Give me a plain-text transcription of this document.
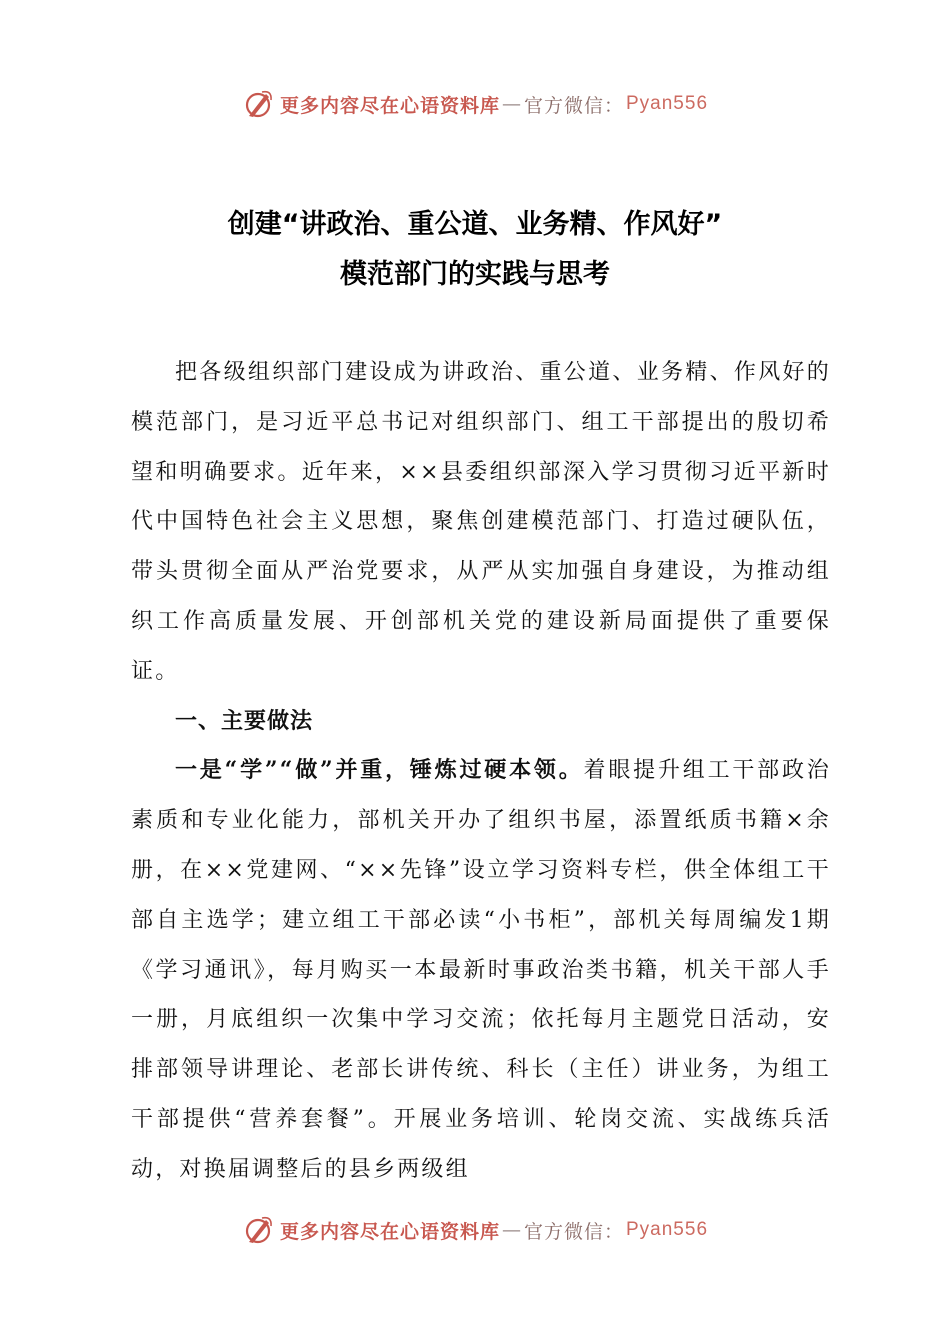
更多内容尽在心语资料库 — 官方微信： Pyan556
创建“讲政治、重公道、业务精、作风好”
模范部门的实践与思考

把各级组织部门建设成为讲政治、重公道、业务精、作风好的模范部门，是习近平总书记对组织部门、组工干部提出的殷切希望和明确要求。近年来，××县委组织部深入学习贯彻习近平新时代中国特色社会主义思想，聚焦创建模范部门、打造过硬队伍，带头贯彻全面从严治党要求，从严从实加强自身建设，为推动组织工作高质量发展、开创部机关党的建设新局面提供了重要保证。

一、主要做法

一是“学”“做”并重，锤炼过硬本领。着眼提升组工干部政治素质和专业化能力，部机关开办了组织书屋，添置纸质书籍×余册，在××党建网、“××先锋”设立学习资料专栏，供全体组工干部自主选学；建立组工干部必读“小书柜”，部机关每周编发1期《学习通讯》，每月购买一本最新时事政治类书籍，机关干部人手一册，月底组织一次集中学习交流；依托每月主题党日活动，安排部领导讲理论、老部长讲传统、科长（主任）讲业务，为组工干部提供“营养套餐”。开展业务培训、轮岗交流、实战练兵活动，对换届调整后的县乡两级组

更多内容尽在心语资料库 — 官方微信： Pyan556
